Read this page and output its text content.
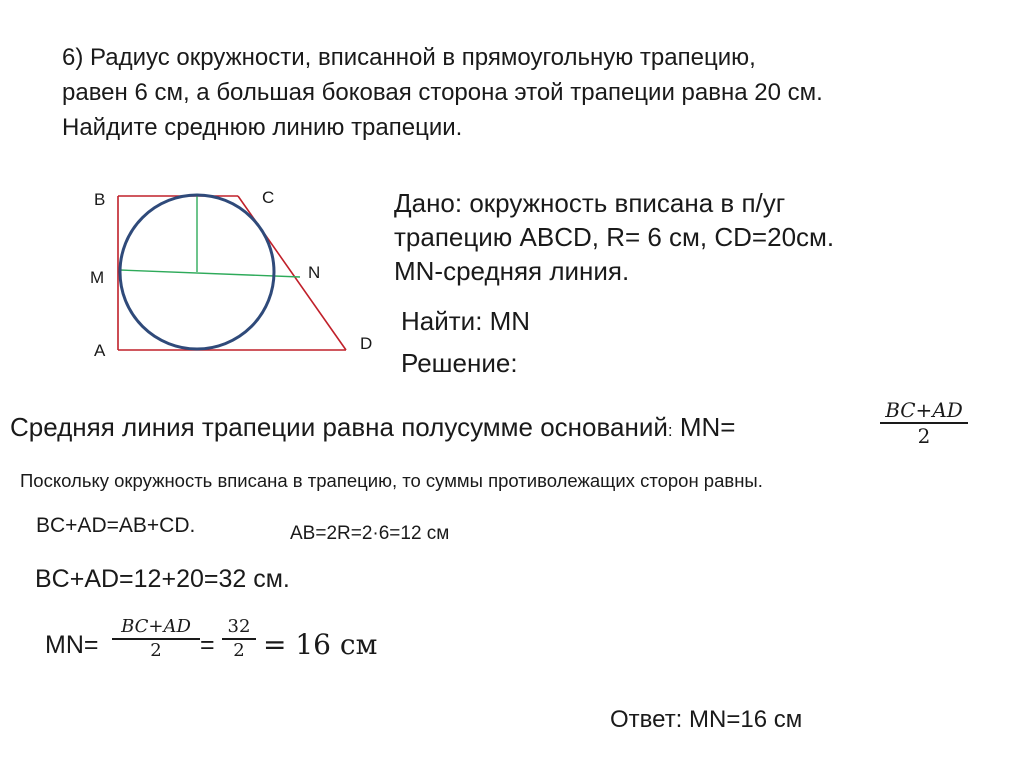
6) Радиус окружности, вписанной в прямоугольную трапецию,
равен 6 см, а большая боковая сторона этой трапеции равна 20 см.
Найдите среднюю линию трапеции.
B	C
M	N
A	D
Дано: окружность вписана в п/уг
трапецию ABCD, R= 6 см, CD=20см.
MN-средняя линия.
Найти: MN
Решение:
Средняя линия трапеции равна полусумме оснований: MN=	$\frac{BC+AD}{2}$
Поскольку окружность вписана в трапецию, то суммы противолежащих сторон равны.
BC+AD=AB+CD.	AB=2R=2·6=12 см
BC+AD=12+20=32 см.
$MN= \frac{BC+AD}{2} = \frac{32}{2} = 16$ см
Ответ: MN=16 см
